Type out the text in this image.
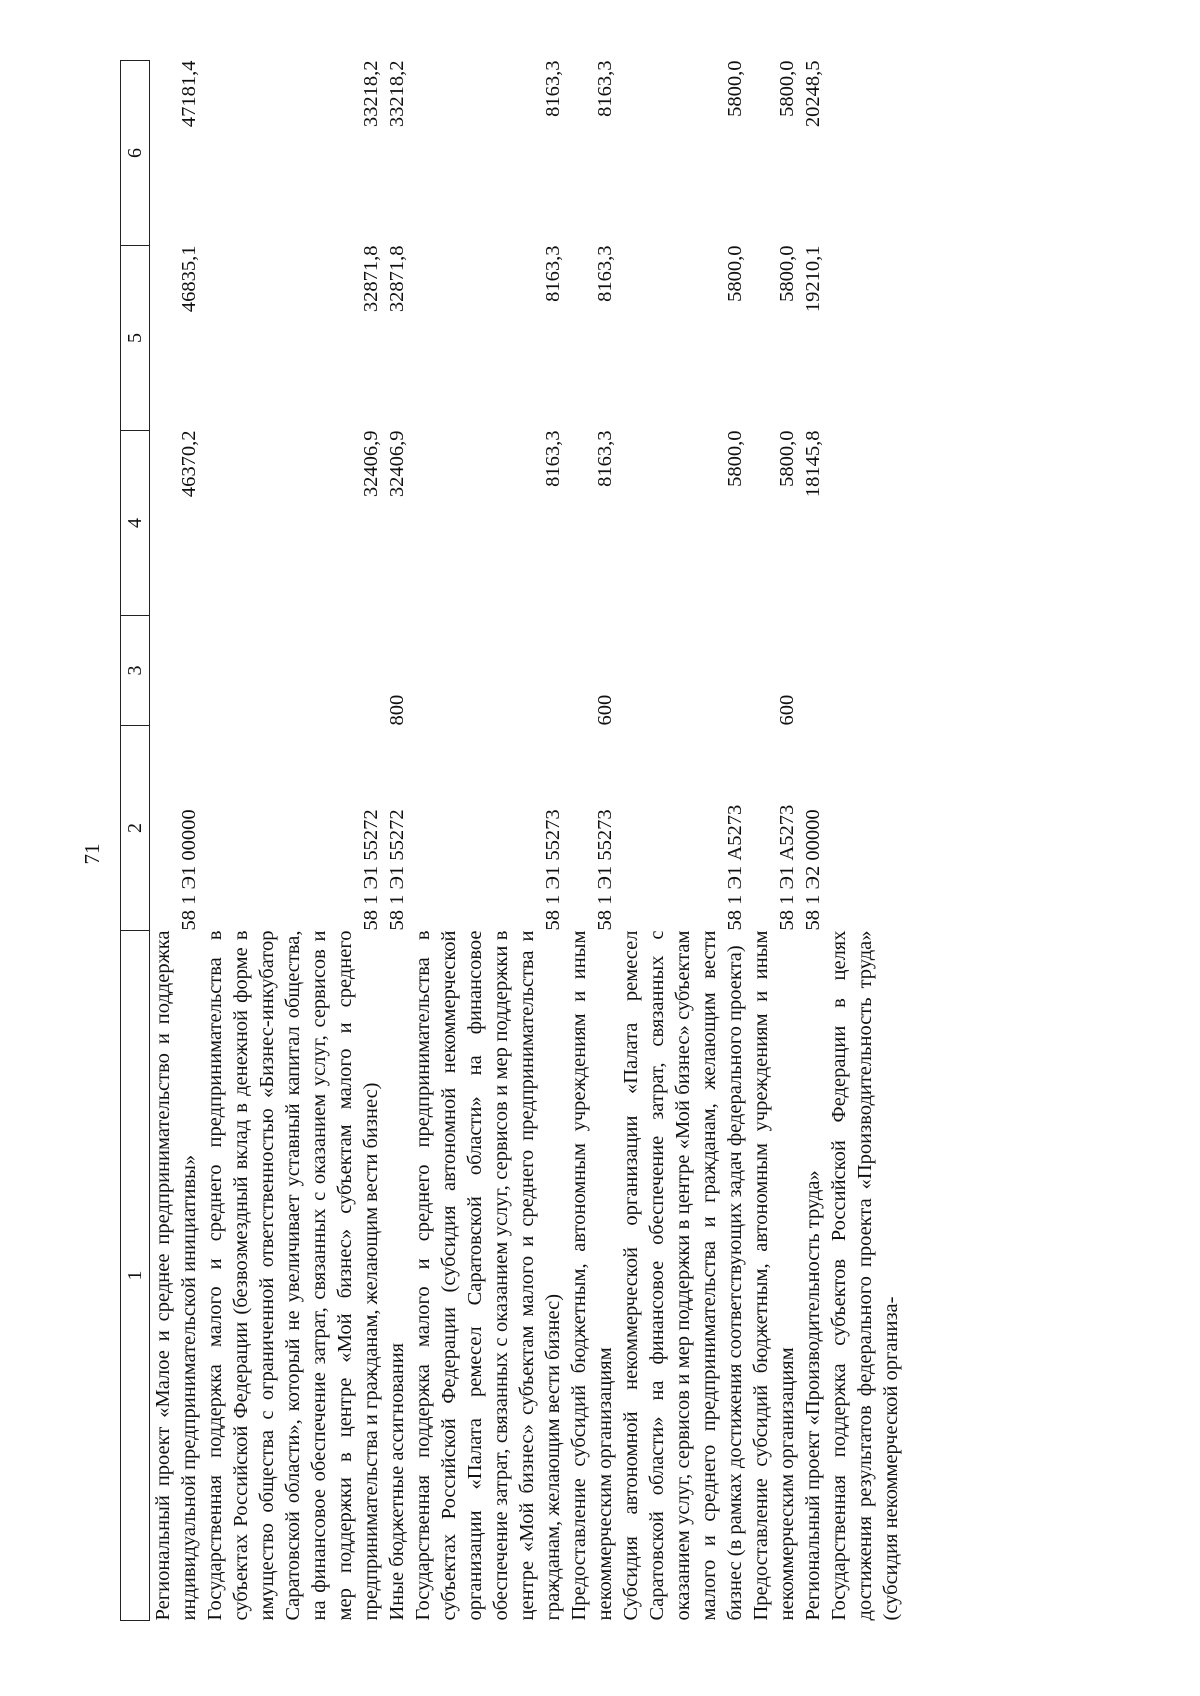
71
1	2	3	4	5	6
Региональный проект «Малое и среднее предпринимательство и поддержка индивидуальной предпринимательской инициативы»	58 1 Э1 00000		46370,2	46835,1	47181,4
Государственная поддержка малого и среднего предпринимательства в субъектах Российской Федерации (безвозмездный вклад в денежной форме в имущество общества с ограниченной ответственностью «Бизнес-инкубатор Саратовской области», который не увеличивает уставный капитал общества, на финансовое обеспечение затрат, связанных с оказанием услуг, сервисов и мер поддержки в центре «Мой бизнес» субъектам малого и среднего предпринимательства и гражданам, желающим вести бизнес)	58 1 Э1 55272		32406,9	32871,8	33218,2
Иные бюджетные ассигнования	58 1 Э1 55272	800	32406,9	32871,8	33218,2
Государственная поддержка малого и среднего предпринимательства в субъектах Российской Федерации (субсидия автономной некоммерческой организации «Палата ремесел Саратовской области» на финансовое обеспечение затрат, связанных с оказанием услуг, сервисов и мер поддержки в центре «Мой бизнес» субъектам малого и среднего предпринимательства и гражданам, желающим вести бизнес)	58 1 Э1 55273		8163,3	8163,3	8163,3
Предоставление субсидий бюджетным, автономным учреждениям и иным некоммерческим организациям	58 1 Э1 55273	600	8163,3	8163,3	8163,3
Субсидия автономной некоммерческой организации «Палата ремесел Саратовской области» на финансовое обеспечение затрат, связанных с оказанием услуг, сервисов и мер поддержки в центре «Мой бизнес» субъектам малого и среднего предпринимательства и гражданам, желающим вести бизнес (в рамках достижения соответствующих задач федерального проекта)	58 1 Э1 А5273		5800,0	5800,0	5800,0
Предоставление субсидий бюджетным, автономным учреждениям и иным некоммерческим организациям	58 1 Э1 А5273	600	5800,0	5800,0	5800,0
Региональный проект «Производительность труда»	58 1 Э2 00000		18145,8	19210,1	20248,5
Государственная поддержка субъектов Российской Федерации в целях достижения результатов федерального проекта «Производительность труда» (субсидия некоммерческой организа-					
